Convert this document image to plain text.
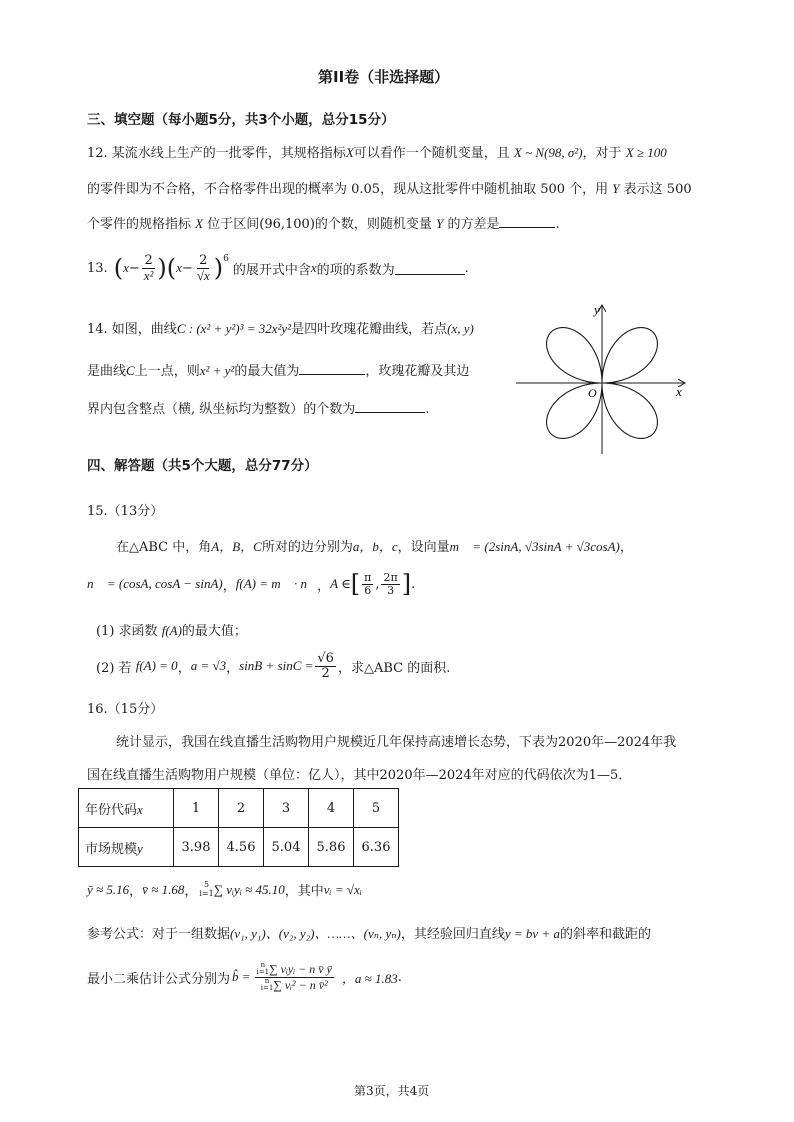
第II卷（非选择题）
三、填空题（每小题5分，共3个小题，总分15分）
12. 某流水线上生产的一批零件，其规格指标X可以看作一个随机变量，且 X ~ N(98, σ²)，对于 X ≥ 100
的零件即为不合格，不合格零件出现的概率为 0.05，现从这批零件中随机抽取 500 个，用 Y 表示这 500
个零件的规格指标 X 位于区间(96,100)的个数，则随机变量 Y 的方差是	.
13. ( $x - \frac{2}{\text{x²}}$ )( $x - \frac{2}{√x}$ ) 6
的展开式中含 x 的项的系数为	.
14. 如图，曲线C : (x² + y²)³ = 32x²y²是四叶玫瑰花瓣曲线，若点(x, y)
是曲线C上一点，则x² + y²的最大值为	，玫瑰花瓣及其边
界内包含整点（横, 纵坐标均为整数）的个数为	.
y
x
O
四、解答题（共5个大题，总分77分）
15.（13分）
在△ABC 中，角A，B，C所对的边分别为a，b，c，设向量m⃗ = (2sinA, √3sinA + √3cosA)，
n⃗ = (cosA, cosA − sinA) ， f(A) = m⃗ · n⃗ ， A ∈ [ $\frac{\pi}{6}$ , $\frac{2\pi}{3}$ ] .
(1) 求函数 f(A)的最大值；
(2) 若
f(A) = 0 ， a = √3 ， $\sin B + \sin C = \frac{√6}{2}$ ，求△ABC 的面积.
16.（15分）
统计显示，我国在线直播生活购物用户规模近几年保持高速增长态势，下表为2020年—2024年我
国在线直播生活购物用户规模（单位：亿人），其中2020年—2024年对应的代码依次为1—5．
年份代码x	1	2	3	4	5
市场规模y	3.98	4.56	5.04	5.86	6.36
ȳ ≈ 5.16 ， v̄ ≈ 1.68 ， 5
i=1 ∑ vᵢyᵢ ≈ 45.10 ，其中 vᵢ = √xᵢ
参考公式：对于一组数据(v₁, y₁)、(v₂, y₂)、……、(vₙ, yₙ)，其经验回归直线y = bv + a的斜率和截距的
最小二乘估计公式分别为 b̂ = n
i=1 ∑ vᵢyᵢ − n v̄ ȳ
n
i=1 ∑ vᵢ² − n v̄² ，a ≈ 1.83 .
第3页，共4页
